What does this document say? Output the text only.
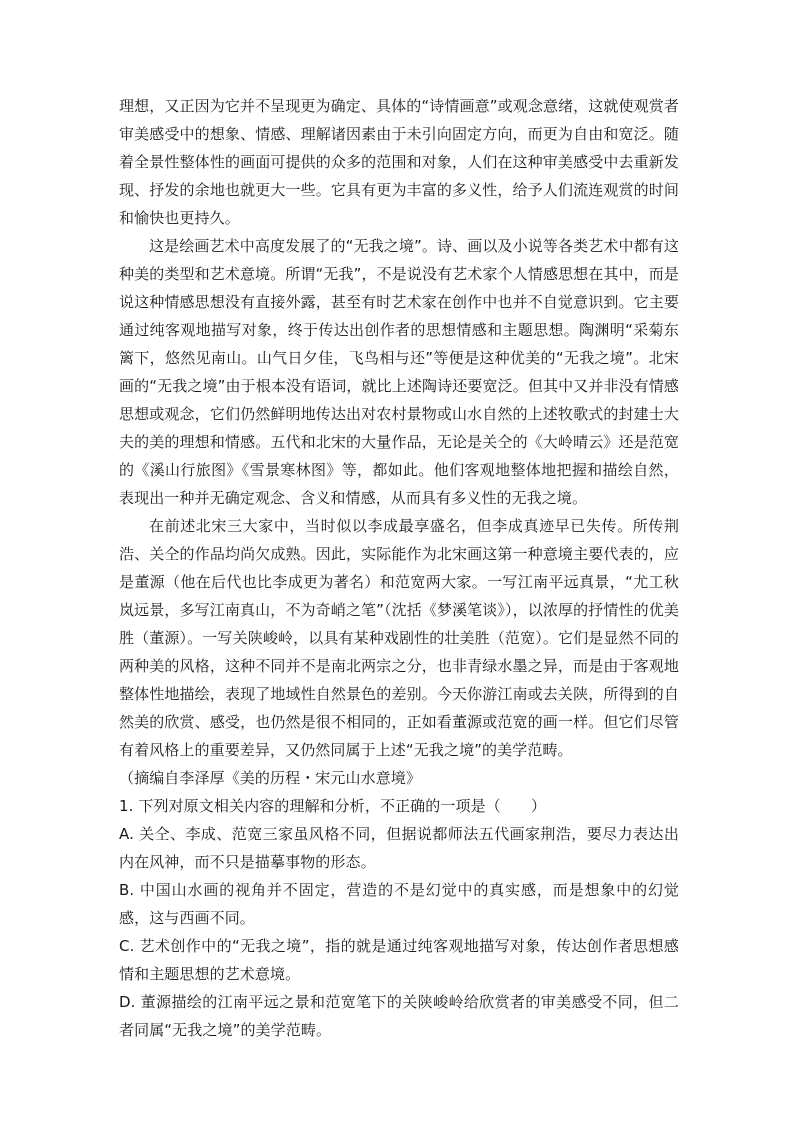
理想，又正因为它并不呈现更为确定、具体的“诗情画意”或观念意绪，这就使观赏者审美感受中的想象、情感、理解诸因素由于未引向固定方向，而更为自由和宽泛。随着全景性整体性的画面可提供的众多的范围和对象，人们在这种审美感受中去重新发现、抒发的余地也就更大一些。它具有更为丰富的多义性，给予人们流连观赏的时间和愉快也更持久。

这是绘画艺术中高度发展了的“无我之境”。诗、画以及小说等各类艺术中都有这种美的类型和艺术意境。所谓“无我”，不是说没有艺术家个人情感思想在其中，而是说这种情感思想没有直接外露，甚至有时艺术家在创作中也并不自觉意识到。它主要通过纯客观地描写对象，终于传达出创作者的思想情感和主题思想。陶渊明“采菊东篱下，悠然见南山。山气日夕佳，飞鸟相与还”等便是这种优美的“无我之境”。北宋画的“无我之境”由于根本没有语词，就比上述陶诗还要宽泛。但其中又并非没有情感思想或观念，它们仍然鲜明地传达出对农村景物或山水自然的上述牧歌式的封建士大夫的美的理想和情感。五代和北宋的大量作品，无论是关仝的《大岭晴云》还是范宽的《溪山行旅图》《雪景寒林图》等，都如此。他们客观地整体地把握和描绘自然，表现出一种并无确定观念、含义和情感，从而具有多义性的无我之境。

在前述北宋三大家中，当时似以李成最享盛名，但李成真迹早已失传。所传荆浩、关仝的作品均尚欠成熟。因此，实际能作为北宋画这第一种意境主要代表的，应是董源（他在后代也比李成更为著名）和范宽两大家。一写江南平远真景，“尤工秋岚远景，多写江南真山，不为奇峭之笔”（沈括《梦溪笔谈》），以浓厚的抒情性的优美胜（董源）。一写关陕峻岭，以具有某种戏剧性的壮美胜（范宽）。它们是显然不同的两种美的风格，这种不同并不是南北两宗之分，也非青绿水墨之异，而是由于客观地整体性地描绘，表现了地域性自然景色的差别。今天你游江南或去关陕，所得到的自然美的欣赏、感受，也仍然是很不相同的，正如看董源或范宽的画一样。但它们尽管有着风格上的重要差异，又仍然同属于上述“无我之境”的美学范畴。

（摘编自李泽厚《美的历程・宋元山水意境》

1. 下列对原文相关内容的理解和分析，不正确的一项是（　　）

A. 关仝、李成、范宽三家虽风格不同，但据说都师法五代画家荆浩，要尽力表达出内在风神，而不只是描摹事物的形态。

B. 中国山水画的视角并不固定，营造的不是幻觉中的真实感，而是想象中的幻觉感，这与西画不同。

C. 艺术创作中的“无我之境”，指的就是通过纯客观地描写对象，传达创作者思想感情和主题思想的艺术意境。

D. 董源描绘的江南平远之景和范宽笔下的关陕峻岭给欣赏者的审美感受不同，但二者同属“无我之境”的美学范畴。
